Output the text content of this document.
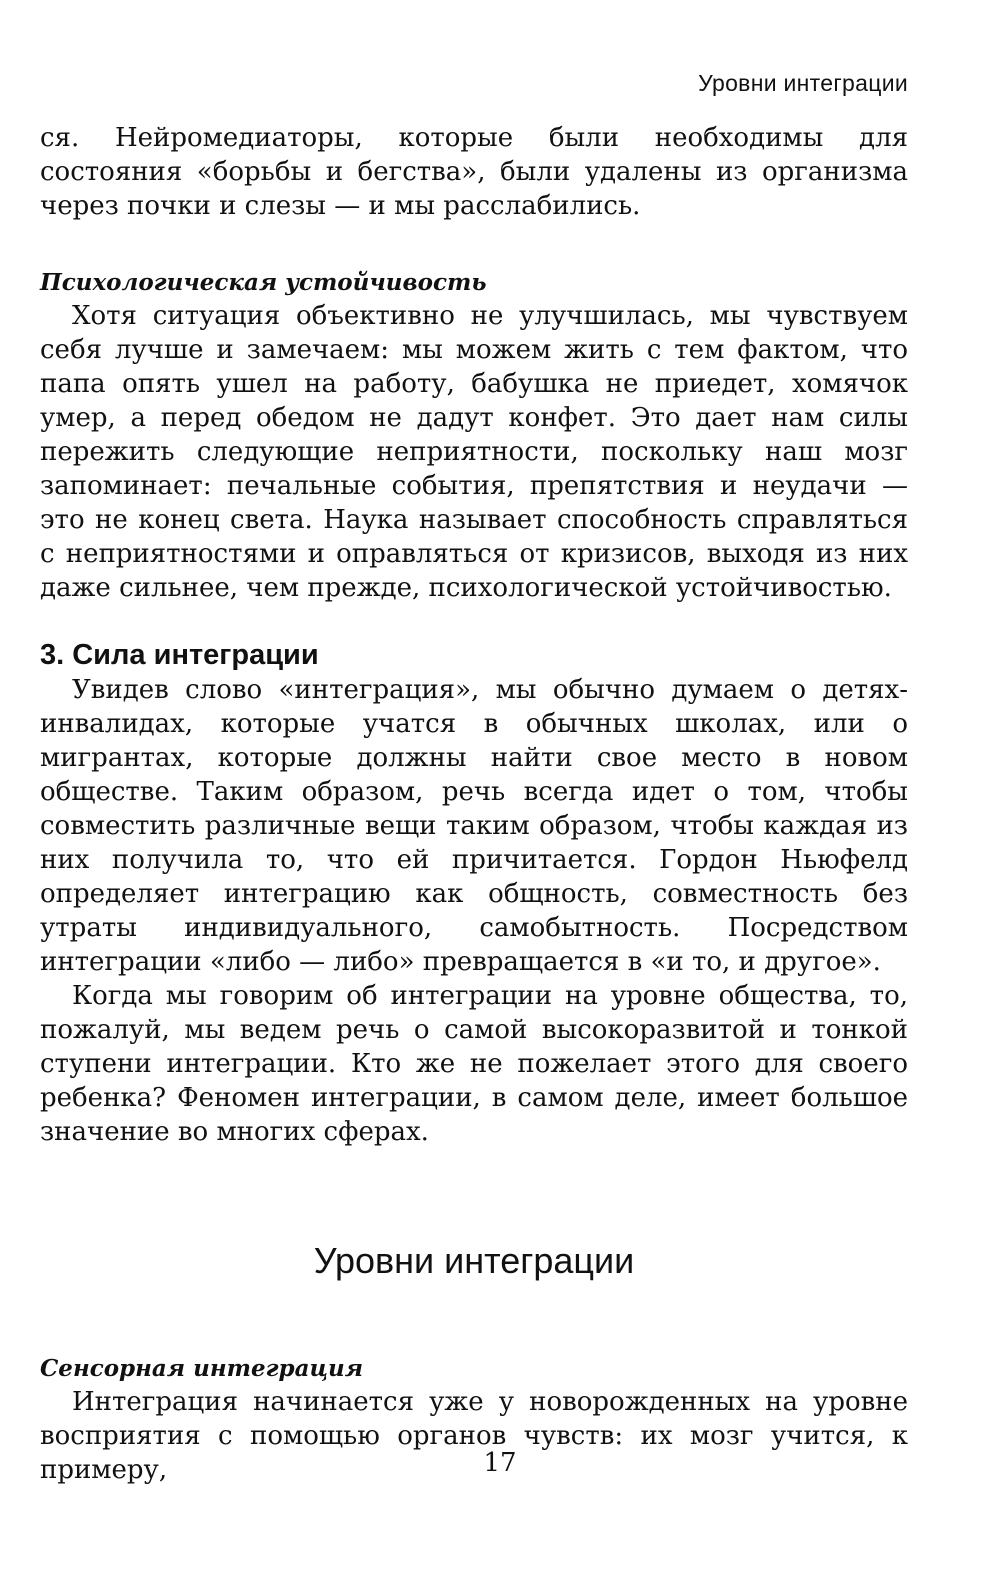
Уровни интеграции

ся. Нейромедиаторы, которые были необходимы для состояния «борьбы и бегства», были удалены из организма через почки и слезы — и мы расслабились.

Психологическая устойчивость

Хотя ситуация объективно не улучшилась, мы чувствуем себя лучше и замечаем: мы можем жить с тем фактом, что папа опять ушел на работу, бабушка не приедет, хомячок умер, а перед обедом не дадут конфет. Это дает нам силы пережить следующие неприятности, поскольку наш мозг запоминает: печальные события, препятствия и неудачи — это не конец света. Наука называет способность справляться с неприятностями и оправляться от кризисов, выходя из них даже сильнее, чем прежде, психологической устойчивостью.

3. Сила интеграции

Увидев слово «интеграция», мы обычно думаем о детях-инвалидах, которые учатся в обычных школах, или о мигрантах, которые должны найти свое место в новом обществе. Таким образом, речь всегда идет о том, чтобы совместить различные вещи таким образом, чтобы каждая из них получила то, что ей причитается. Гордон Ньюфелд определяет интеграцию как общность, совместность без утраты индивидуального, самобытность. Посредством интеграции «либо — либо» превращается в «и то, и другое».

Когда мы говорим об интеграции на уровне общества, то, пожалуй, мы ведем речь о самой высокоразвитой и тонкой ступени интеграции. Кто же не пожелает этого для своего ребенка? Феномен интеграции, в самом деле, имеет большое значение во многих сферах.

Уровни интеграции
Сенсорная интеграция

Интеграция начинается уже у новорожденных на уровне восприятия с помощью органов чувств: их мозг учится, к примеру,	17
